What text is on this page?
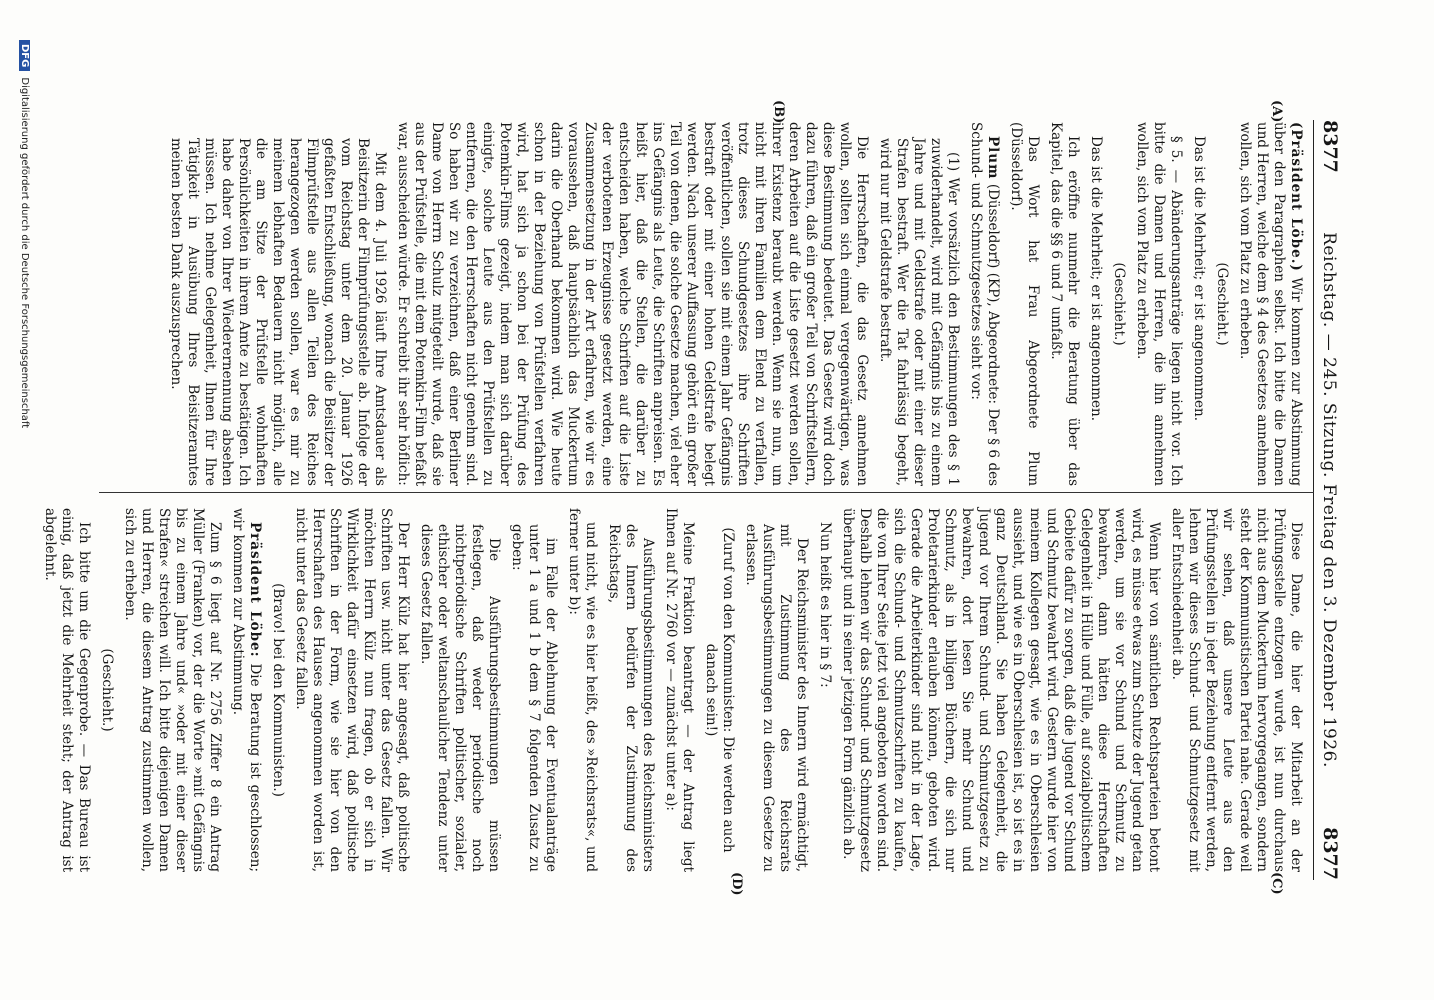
8377
Reichstag. — 245. Sitzung. Freitag den 3. Dezember 1926.
8377
(A)
(B)
(C)
(D)

(Präsident Löbe.) Wir kommen zur Abstimmung über den Paragraphen selbst. Ich bitte die Damen und Herren, welche dem § 4 des Gesetzes annehmen wollen, sich vom Platz zu erheben.

(Geschieht.)

Das ist die Mehrheit; er ist angenommen.

§ 5. — Abänderungsanträge liegen nicht vor. Ich bitte die Damen und Herren, die ihn annehmen wollen, sich vom Platz zu erheben.

(Geschieht.)

Das ist die Mehrheit; er ist angenommen.

Ich eröffne nunmehr die Beratung über das Kapitel, das die §§ 6 und 7 umfaßt.

Das Wort hat Frau Abgeordnete Plum (Düsseldorf).

Plum (Düsseldorf) (KP), Abgeordnete: Der § 6 des Schund- und Schmutzgesetzes sieht vor:

(1) Wer vorsätzlich den Bestimmungen des § 1 zuwiderhandelt, wird mit Gefängnis bis zu einem Jahre und mit Geldstrafe oder mit einer dieser Strafen bestraft. Wer die Tat fahrlässig begeht, wird nur mit Geldstrafe bestraft.

Die Herrschaften, die das Gesetz annehmen wollen, sollten sich einmal vergegenwärtigen, was diese Bestimmung bedeutet. Das Gesetz wird doch dazu führen, daß ein großer Teil von Schriftstellern, deren Arbeiten auf die Liste gesetzt werden sollen, ihrer Existenz beraubt werden. Wenn sie nun, um nicht mit ihren Familien dem Elend zu verfallen, trotz dieses Schundgesetzes ihre Schriften veröffentlichen, sollen sie mit einem Jahr Gefängnis bestraft oder mit einer hohen Geldstrafe belegt werden. Nach unserer Auffassung gehört ein großer Teil von denen, die solche Gesetze machen, viel eher ins Gefängnis als Leute, die Schriften anpreisen. Es heißt hier, daß die Stellen, die darüber zu entscheiden haben, welche Schriften auf die Liste der verbotenen Erzeugnisse gesetzt werden, eine Zusammensetzung in der Art erfahren, wie wir es voraussehen, daß hauptsächlich das Muckertum darin die Oberhand bekommen wird. Wie heute schon in der Beziehung von Prüfstellen verfahren wird, hat sich ja schon bei der Prüfung des Potemkin-Films gezeigt, indem man sich darüber einigte, solche Leute aus den Prüfstellen zu entfernen, die den Herrschaften nicht genehm sind. So haben wir zu verzeichnen, daß einer Berliner Dame von Herrn Schulz mitgeteilt wurde, daß sie aus der Prüfstelle, die mit dem Potemkin-Film befaßt war, ausscheiden würde. Er schreibt ihr sehr höflich:

Mit dem 4. Juli 1926 läuft Ihre Amtsdauer als Beisitzerin der Filmprüfungsstelle ab. Infolge der vom Reichstag unter dem 20. Januar 1926 gefaßten Entschließung, wonach die Beisitzer der Filmprüfstelle aus allen Teilen des Reiches herangezogen werden sollen, war es mir zu meinem lebhaften Bedauern nicht möglich, alle die am Sitze der Prüfstelle wohnhaften Persönlichkeiten in ihrem Amte zu bestätigen. Ich habe daher von Ihrer Wiederernennung absehen müssen. Ich nehme Gelegenheit, Ihnen für Ihre Tätigkeit in Ausübung Ihres Beisitzeramtes meinen besten Dank auszusprechen.

Diese Dame, die hier der Mitarbeit an der Prüfungsstelle entzogen wurde, ist nun durchaus nicht aus dem Muckertum hervorgegangen, sondern steht der Kommunistischen Partei nahe. Gerade weil wir sehen, daß unsere Leute aus den Prüfungsstellen in jeder Beziehung entfernt werden, lehnen wir dieses Schund- und Schmutzgesetz mit aller Entschiedenheit ab.

Wenn hier von sämtlichen Rechtsparteien betont wird, es müsse etwas zum Schutze der Jugend getan werden, um sie vor Schund und Schmutz zu bewahren, dann hätten diese Herrschaften Gelegenheit in Hülle und Fülle, auf sozialpolitischem Gebiete dafür zu sorgen, daß die Jugend vor Schund und Schmutz bewahrt wird. Gestern wurde hier von meinem Kollegen gesagt, wie es in Oberschlesien aussieht, und wie es in Oberschlesien ist, so ist es in ganz Deutschland. Sie haben Gelegenheit, die Jugend vor Ihrem Schund- und Schmutzgesetz zu bewahren, dort lesen Sie mehr Schund und Schmutz, als in billigen Büchern, die sich nur Proletarierkinder erlauben können, geboten wird. Gerade die Arbeiterkinder sind nicht in der Lage, sich die Schund- und Schmutzschriften zu kaufen, die von Ihrer Seite jetzt viel angeboten worden sind. Deshalb lehnen wir das Schund- und Schmutzgesetz überhaupt und in seiner jetzigen Form gänzlich ab.

Nun heißt es hier in § 7:

Der Reichsminister des Innern wird ermächtigt, mit Zustimmung des Reichsrats Ausführungsbestimmungen zu diesem Gesetze zu erlassen.

(Zuruf von den Kommunisten: Die werden auch danach sein!)

Meine Fraktion beantragt — der Antrag liegt Ihnen auf Nr. 2760 vor — zunächst unter a):

Ausführungsbestimmungen des Reichsministers des Innern bedürfen der Zustimmung des Reichstags,

und nicht, wie es hier heißt, des »Reichsrats«, und ferner unter b):

im Falle der Ablehnung der Eventualanträge unter 1 a und 1 b dem § 7 folgenden Zusatz zu geben:

Die Ausführungsbestimmungen müssen festlegen, daß weder periodische noch nichtperiodische Schriften politischer, sozialer, ethischer oder weltanschaulicher Tendenz unter dieses Gesetz fallen.

Der Herr Külz hat hier angesagt, daß politische Schriften usw. nicht unter das Gesetz fallen. Wir möchten Herrn Külz nun fragen, ob er sich in Wirklichkeit dafür einsetzen wird, daß politische Schriften in der Form, wie sie hier von den Herrschaften des Hauses angenommen worden ist, nicht unter das Gesetz fallen.

(Bravo! bei den Kommunisten.)

Präsident Löbe: Die Beratung ist geschlossen; wir kommen zur Abstimmung.

Zum § 6 liegt auf Nr. 2756 Ziffer 8 ein Antrag Müller (Franken) vor, der die Worte »mit Gefängnis bis zu einem Jahre und« »oder mit einer dieser Strafen« streichen will. Ich bitte diejenigen Damen und Herren, die diesem Antrag zustimmen wollen, sich zu erheben.

(Geschieht.)

Ich bitte um die Gegenprobe. — Das Bureau ist einig, daß jetzt die Mehrheit steht; der Antrag ist abgelehnt.

DFGDigitalisierung gefördert durch die Deutsche Forschungsgemeinschaft
